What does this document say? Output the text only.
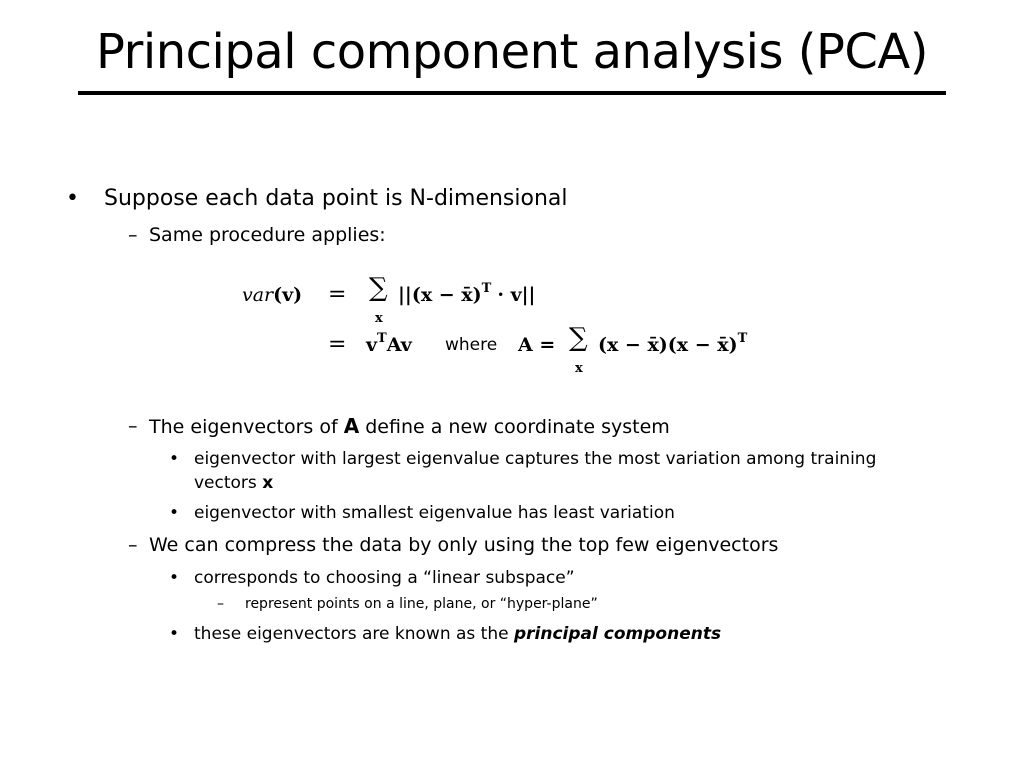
Principal component analysis (PCA)
• Suppose each data point is N-dimensional
– Same procedure applies:
var(v) = ∑
x
||(x − x̄)$^T$ · v||
= $v^TAv$ where A = ∑
x
(x − x̄)(x − x̄)$^T$
– The eigenvectors of A define a new coordinate system
• eigenvector with largest eigenvalue captures the most variation among training
vectors x
• eigenvector with smallest eigenvalue has least variation
– We can compress the data by only using the top few eigenvectors
• corresponds to choosing a “linear subspace”
– represent points on a line, plane, or “hyper-plane”
• these eigenvectors are known as the principal components
